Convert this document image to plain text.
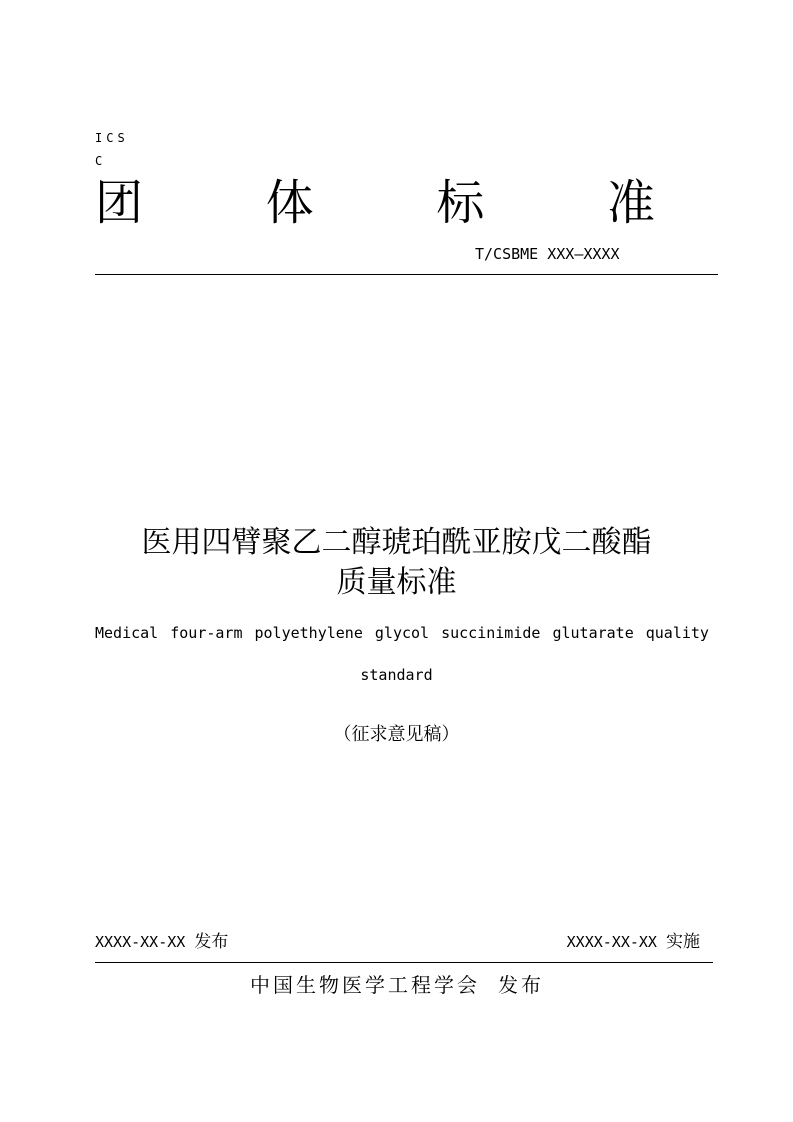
ICS
C
团	体	标	准
T/CSBME XXX—XXXX
医用四臂聚乙二醇琥珀酰亚胺戊二酸酯
质量标准
Medical four-arm polyethylene glycol succinimide glutarate quality
standard
（征求意见稿）
XXXX-XX-XX 发布	XXXX-XX-XX 实施
中国生物医学工程学会 发布
